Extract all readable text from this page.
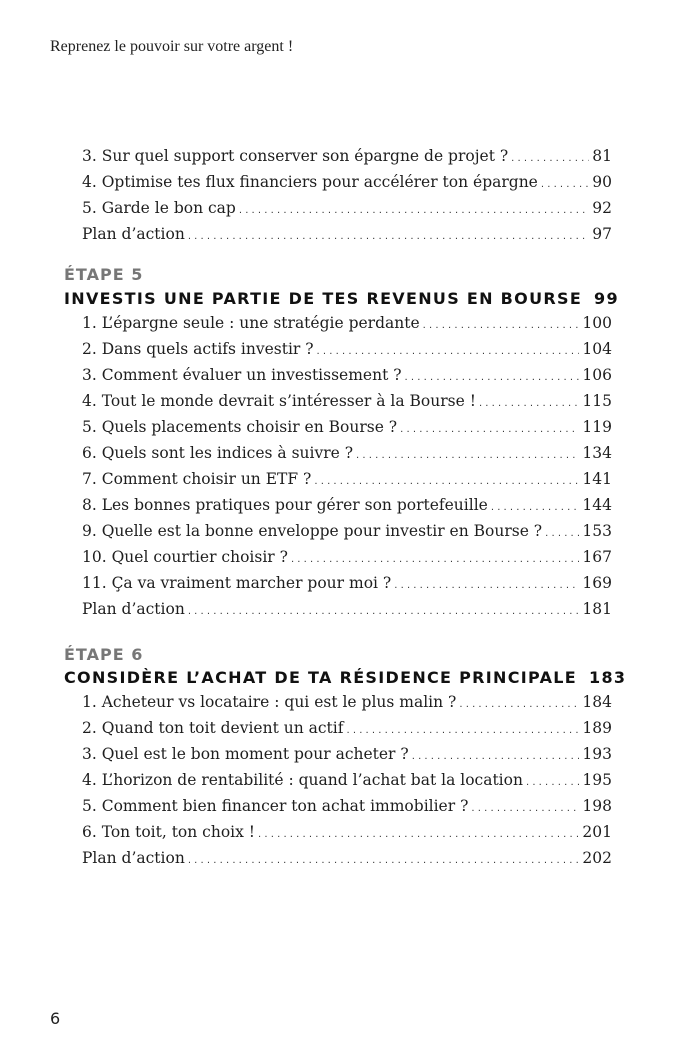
Reprenez le pouvoir sur votre argent !
3. Sur quel support conserver son épargne de projet ? . . .	81
4. Optimise tes flux financiers pour accélérer ton épargne . . .	90
5. Garde le bon cap . . .	92
Plan d’action . . .	97
ÉTAPE 5
INVESTIS UNE PARTIE DE TES REVENUS EN BOURSE 99
1. L’épargne seule : une stratégie perdante . . .	100
2. Dans quels actifs investir ? . . .	104
3. Comment évaluer un investissement ? . . .	106
4. Tout le monde devrait s’intéresser à la Bourse ! . . .	115
5. Quels placements choisir en Bourse ? . . .	119
6. Quels sont les indices à suivre ? . . .	134
7. Comment choisir un ETF ? . . .	141
8. Les bonnes pratiques pour gérer son portefeuille . . .	144
9. Quelle est la bonne enveloppe pour investir en Bourse ? . . .	153
10. Quel courtier choisir ? . . .	167
11. Ça va vraiment marcher pour moi ? . . .	169
Plan d’action . . .	181
ÉTAPE 6
CONSIDÈRE L’ACHAT DE TA RÉSIDENCE PRINCIPALE 183
1. Acheteur vs locataire : qui est le plus malin ? . . .	184
2. Quand ton toit devient un actif . . .	189
3. Quel est le bon moment pour acheter ? . . .	193
4. L’horizon de rentabilité : quand l’achat bat la location . . .	195
5. Comment bien financer ton achat immobilier ? . . .	198
6. Ton toit, ton choix ! . . .	201
Plan d’action . . .	202
6
